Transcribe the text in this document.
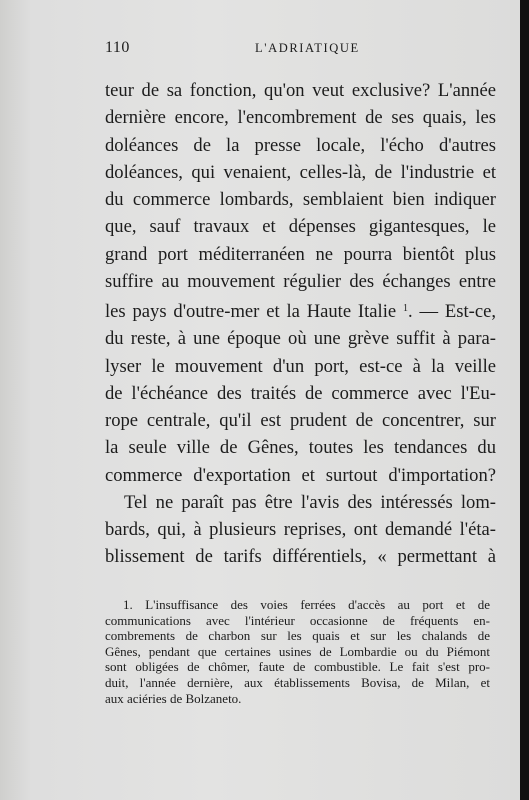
110	L'ADRIATIQUE
teur de sa fonction, qu'on veut exclusive? L'année
dernière encore, l'encombrement de ses quais, les
doléances de la presse locale, l'écho d'autres
doléances, qui venaient, celles-là, de l'industrie et
du commerce lombards, semblaient bien indiquer
que, sauf travaux et dépenses gigantesques, le
grand port méditerranéen ne pourra bientôt plus
suffire au mouvement régulier des échanges entre
les pays d'outre-mer et la Haute Italie $^1$. — Est-ce,
du reste, à une époque où une grève suffit à para-
lyser le mouvement d'un port, est-ce à la veille
de l'échéance des traités de commerce avec l'Eu-
rope centrale, qu'il est prudent de concentrer, sur
la seule ville de Gênes, toutes les tendances du
commerce d'exportation et surtout d'importation?
Tel ne paraît pas être l'avis des intéressés lom-
bards, qui, à plusieurs reprises, ont demandé l'éta-
blissement de tarifs différentiels, « permettant à
1. L'insuffisance des voies ferrées d'accès au port et de
communications avec l'intérieur occasionne de fréquents en-
combrements de charbon sur les quais et sur les chalands de
Gênes, pendant que certaines usines de Lombardie ou du Piémont
sont obligées de chômer, faute de combustible. Le fait s'est pro-
duit, l'année dernière, aux établissements Bovisa, de Milan, et
aux aciéries de Bolzaneto.
